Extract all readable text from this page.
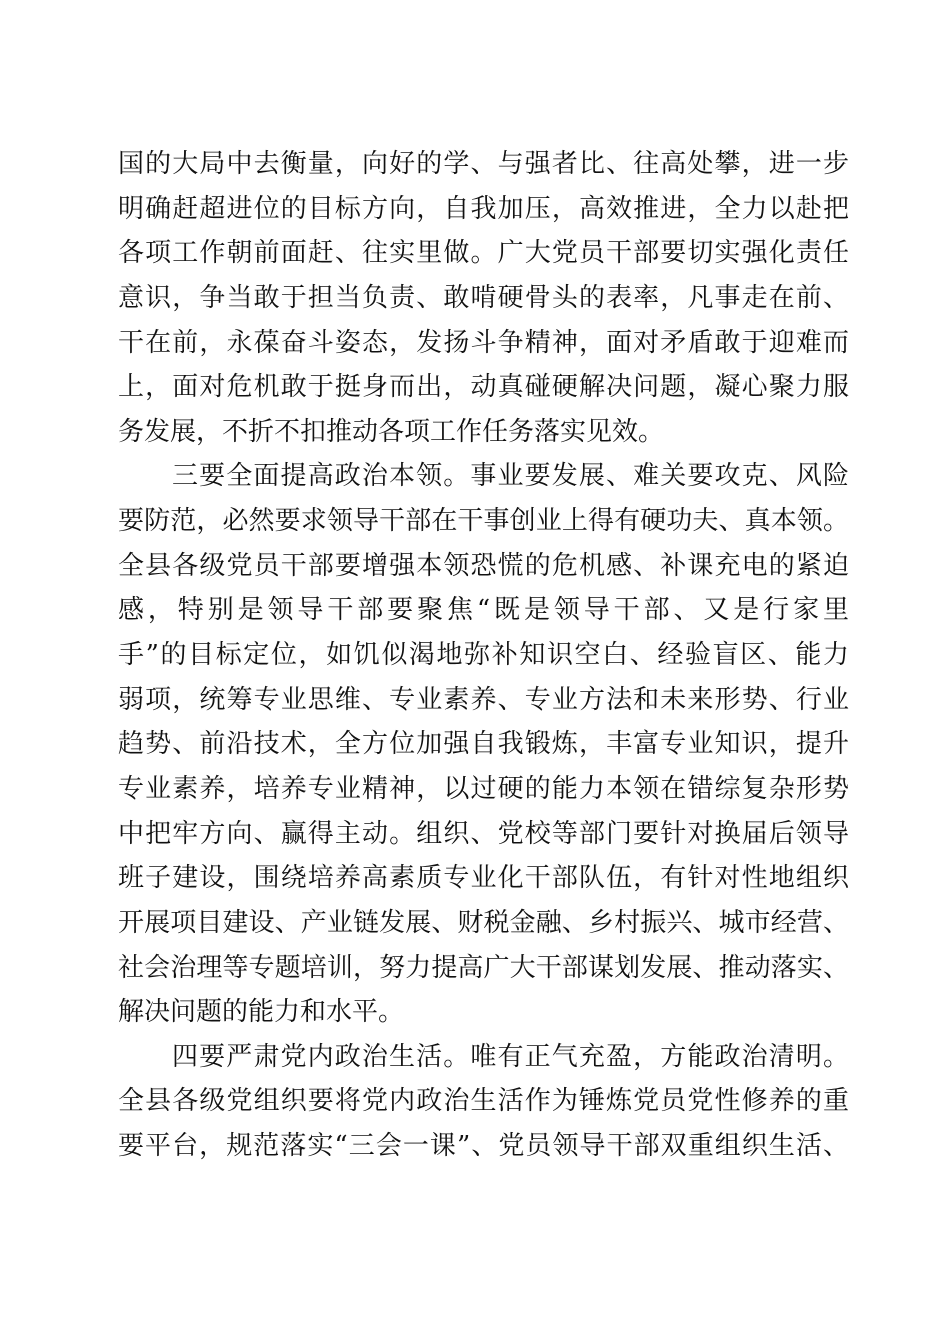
国的大局中去衡量，向好的学、与强者比、往高处攀，进一步
明确赶超进位的目标方向，自我加压，高效推进，全力以赴把
各项工作朝前面赶、往实里做。广大党员干部要切实强化责任
意识，争当敢于担当负责、敢啃硬骨头的表率，凡事走在前、
干在前，永葆奋斗姿态，发扬斗争精神，面对矛盾敢于迎难而
上，面对危机敢于挺身而出，动真碰硬解决问题，凝心聚力服
务发展，不折不扣推动各项工作任务落实见效。
三要全面提高政治本领。事业要发展、难关要攻克、风险
要防范，必然要求领导干部在干事创业上得有硬功夫、真本领。
全县各级党员干部要增强本领恐慌的危机感、补课充电的紧迫
感，特别是领导干部要聚焦“既是领导干部、又是行家里
手”的目标定位，如饥似渴地弥补知识空白、经验盲区、能力
弱项，统筹专业思维、专业素养、专业方法和未来形势、行业
趋势、前沿技术，全方位加强自我锻炼，丰富专业知识，提升
专业素养，培养专业精神，以过硬的能力本领在错综复杂形势
中把牢方向、赢得主动。组织、党校等部门要针对换届后领导
班子建设，围绕培养高素质专业化干部队伍，有针对性地组织
开展项目建设、产业链发展、财税金融、乡村振兴、城市经营、
社会治理等专题培训，努力提高广大干部谋划发展、推动落实、
解决问题的能力和水平。
四要严肃党内政治生活。唯有正气充盈，方能政治清明。
全县各级党组织要将党内政治生活作为锤炼党员党性修养的重
要平台，规范落实“三会一课”、党员领导干部双重组织生活、
